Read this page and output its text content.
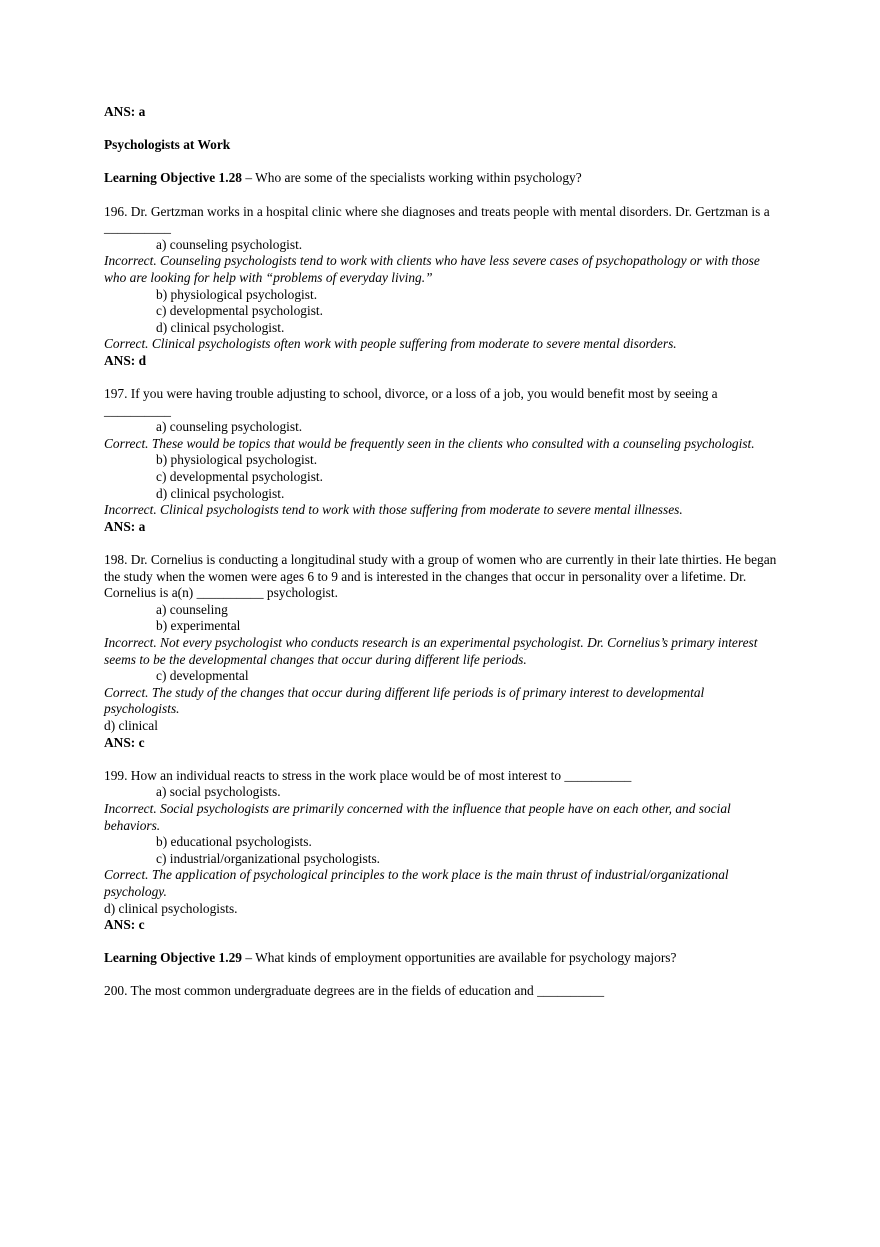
ANS: a

Psychologists at Work

Learning Objective 1.28 – Who are some of the specialists working within psychology?

196. Dr. Gertzman works in a hospital clinic where she diagnoses and treats people with mental disorders. Dr. Gertzman is a __________

a) counseling psychologist.

Incorrect. Counseling psychologists tend to work with clients who have less severe cases of psychopathology or with those who are looking for help with “problems of everyday living.”

b) physiological psychologist.

c) developmental psychologist.

d) clinical psychologist.

Correct. Clinical psychologists often work with people suffering from moderate to severe mental disorders.

ANS: d

197. If you were having trouble adjusting to school, divorce, or a loss of a job, you would benefit most by seeing a __________

a) counseling psychologist.

Correct. These would be topics that would be frequently seen in the clients who consulted with a counseling psychologist.

b) physiological psychologist.

c) developmental psychologist.

d) clinical psychologist.

Incorrect. Clinical psychologists tend to work with those suffering from moderate to severe mental illnesses.

ANS: a

198. Dr. Cornelius is conducting a longitudinal study with a group of women who are currently in their late thirties. He began the study when the women were ages 6 to 9 and is interested in the changes that occur in personality over a lifetime. Dr. Cornelius is a(n) __________ psychologist.

a) counseling

b) experimental

Incorrect. Not every psychologist who conducts research is an experimental psychologist. Dr. Cornelius’s primary interest seems to be the developmental changes that occur during different life periods.

c) developmental

Correct. The study of the changes that occur during different life periods is of primary interest to developmental psychologists.

d) clinical

ANS: c

199. How an individual reacts to stress in the work place would be of most interest to __________

a) social psychologists.

Incorrect. Social psychologists are primarily concerned with the influence that people have on each other, and social behaviors.

b) educational psychologists.

c) industrial/organizational psychologists.

Correct. The application of psychological principles to the work place is the main thrust of industrial/organizational psychology.

d) clinical psychologists.

ANS: c

Learning Objective 1.29 – What kinds of employment opportunities are available for psychology majors?

200. The most common undergraduate degrees are in the fields of education and __________
